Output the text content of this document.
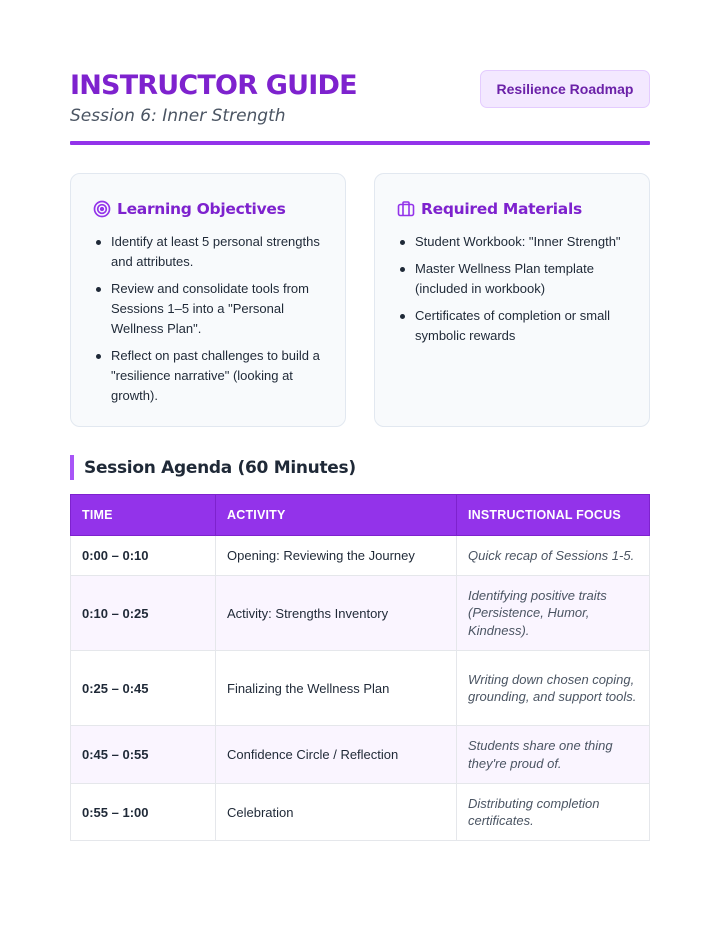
INSTRUCTOR GUIDE
Session 6: Inner Strength
Resilience Roadmap
Learning Objectives
Identify at least 5 personal strengths and attributes.
Review and consolidate tools from Sessions 1–5 into a "Personal Wellness Plan".
Reflect on past challenges to build a "resilience narrative" (looking at growth).
Required Materials
Student Workbook: "Inner Strength"
Master Wellness Plan template (included in workbook)
Certificates of completion or small symbolic rewards
Session Agenda (60 Minutes)
TIME	ACTIVITY	INSTRUCTIONAL FOCUS
0:00 – 0:10	Opening: Reviewing the Journey	Quick recap of Sessions 1-5.
0:10 – 0:25	Activity: Strengths Inventory	Identifying positive traits (Persistence, Humor, Kindness).
0:25 – 0:45	Finalizing the Wellness Plan	Writing down chosen coping, grounding, and support tools.
0:45 – 0:55	Confidence Circle / Reflection	Students share one thing they're proud of.
0:55 – 1:00	Celebration	Distributing completion certificates.
